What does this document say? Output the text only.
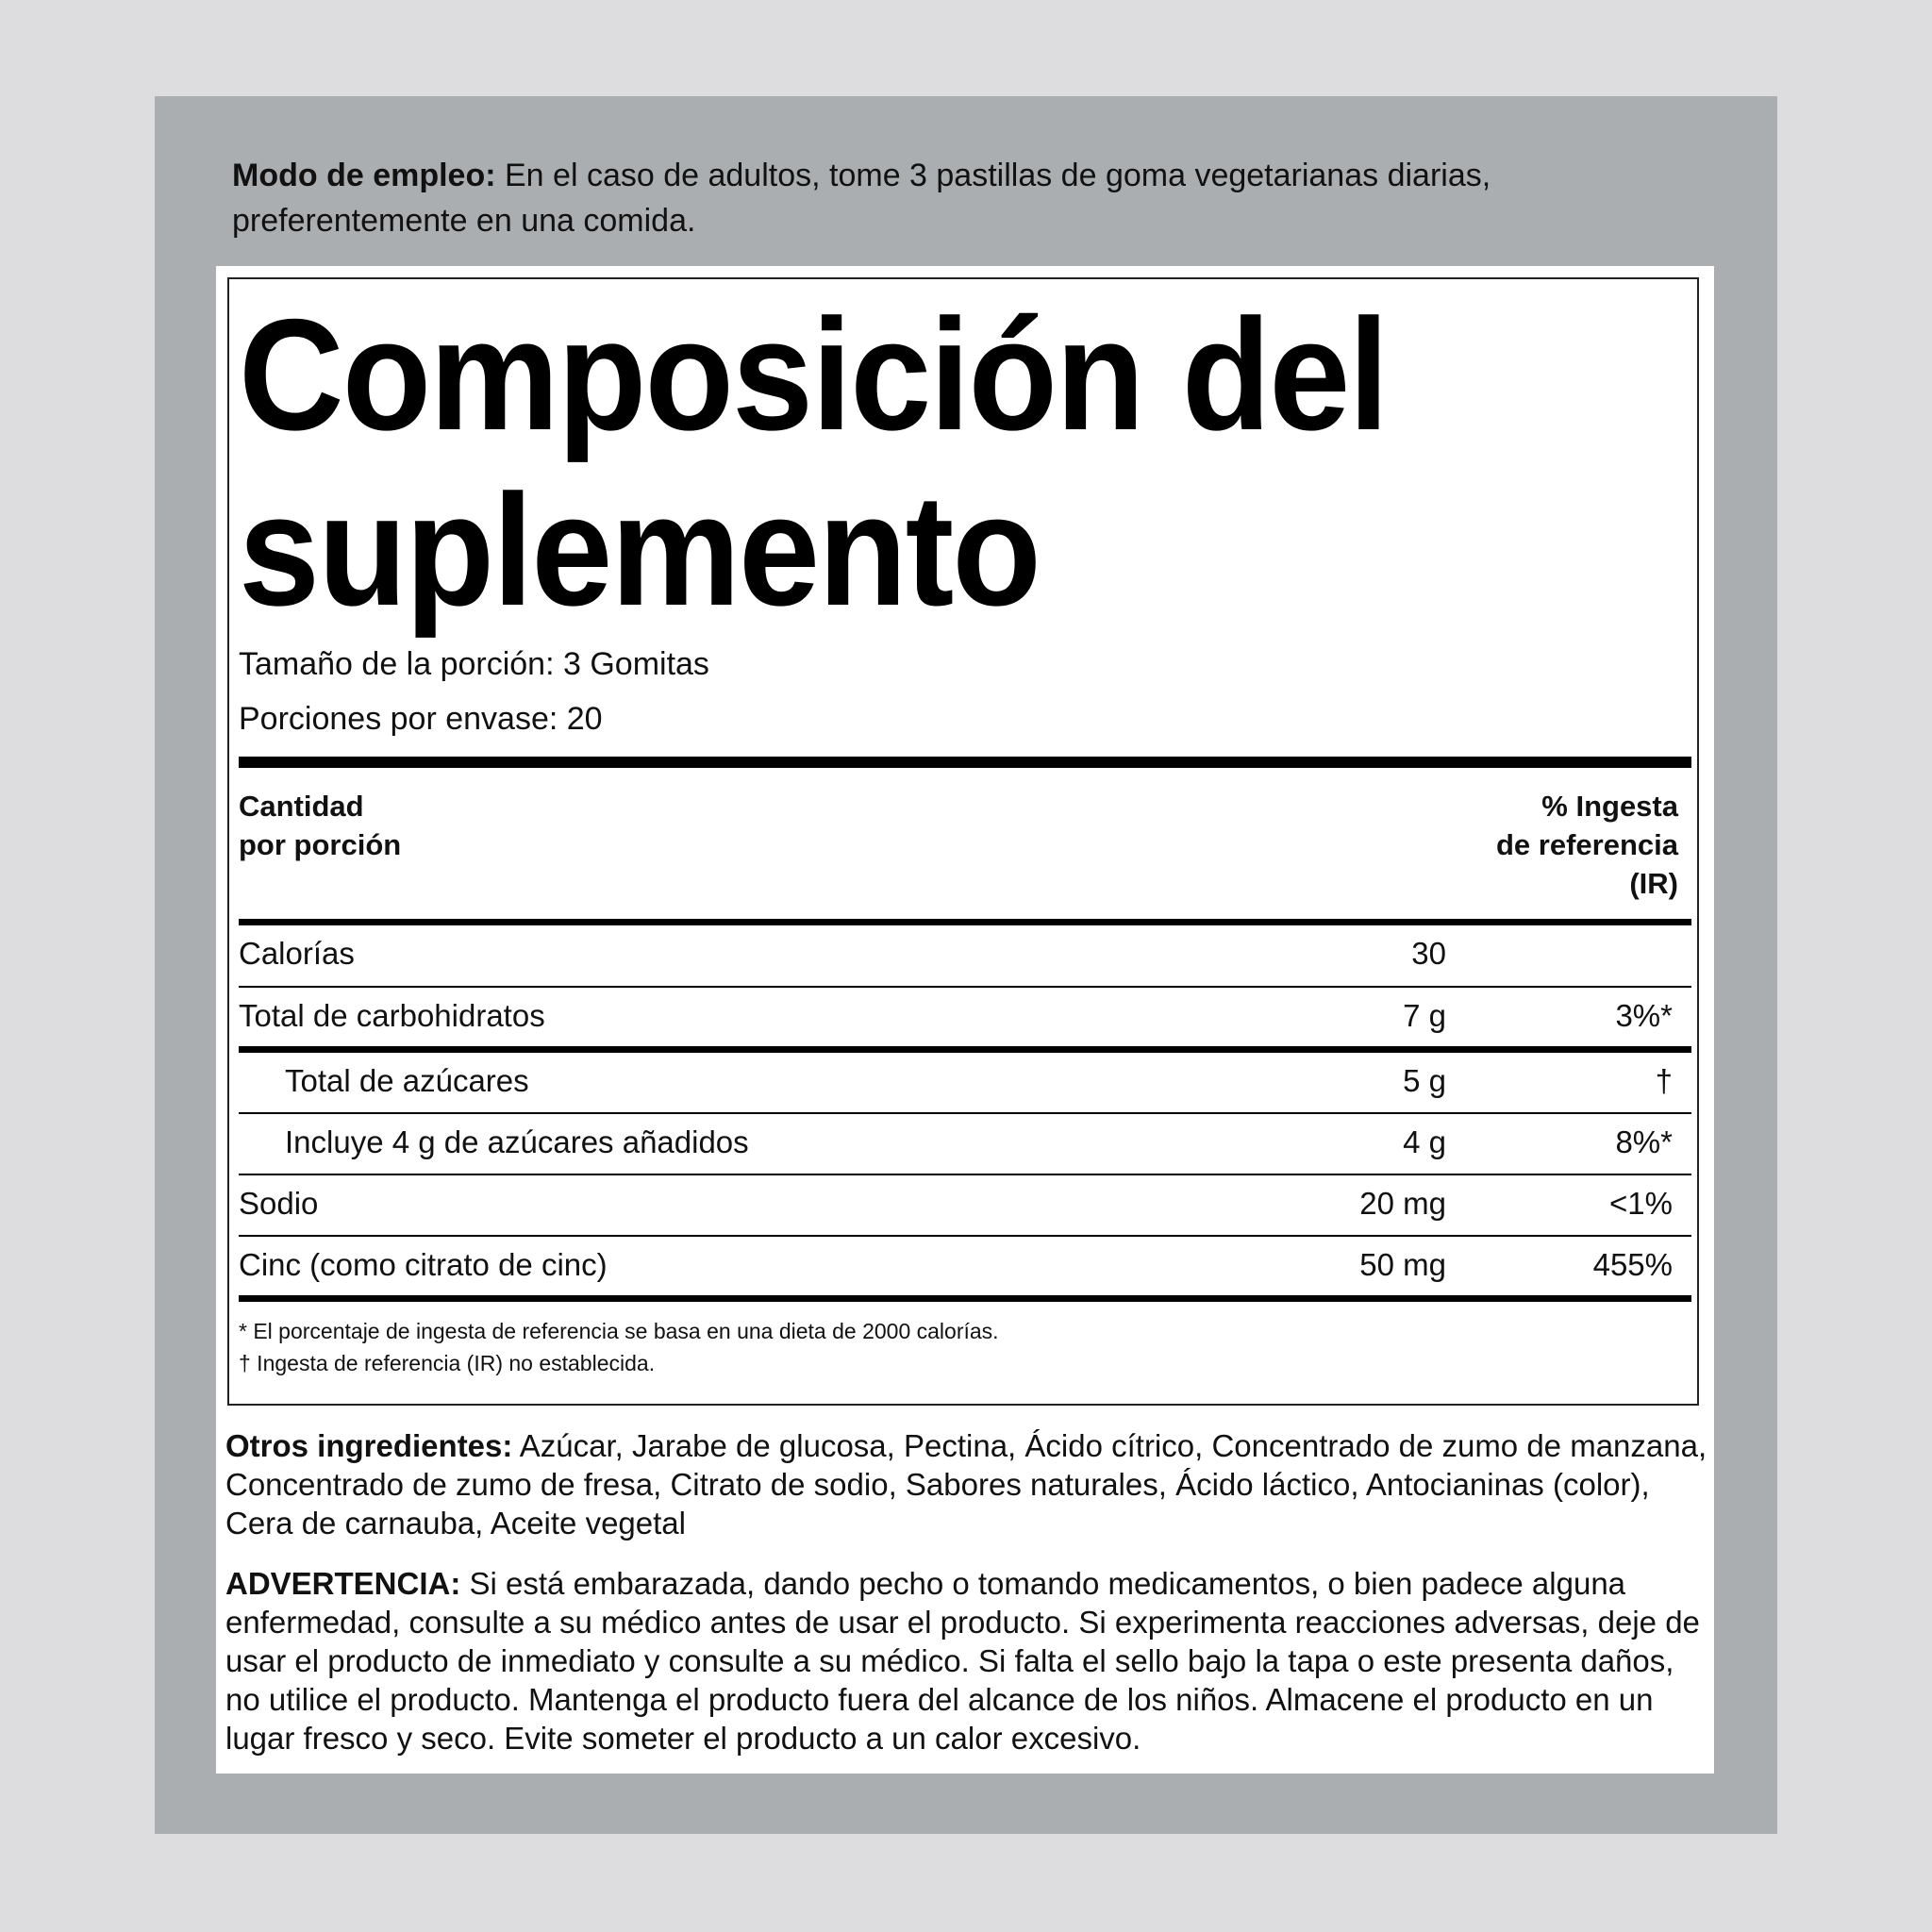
Modo de empleo: En el caso de adultos, tome 3 pastillas de goma vegetarianas diarias, preferentemente en una comida.
Composición del
suplemento
Tamaño de la porción: 3 Gomitas
Porciones por envase: 20
Cantidad
por porción
% Ingesta
de referencia
(IR)
Calorías	30
Total de carbohidratos	7 g	3%*
Total de azúcares	5 g	†
Incluye 4 g de azúcares añadidos	4 g	8%*
Sodio	20 mg	<1%
Cinc (como citrato de cinc)	50 mg	455%
* El porcentaje de ingesta de referencia se basa en una dieta de 2000 calorías.
† Ingesta de referencia (IR) no establecida.
Otros ingredientes: Azúcar, Jarabe de glucosa, Pectina, Ácido cítrico, Concentrado de zumo de manzana, Concentrado de zumo de fresa, Citrato de sodio, Sabores naturales, Ácido láctico, Antocianinas (color), Cera de carnauba, Aceite vegetal
ADVERTENCIA: Si está embarazada, dando pecho o tomando medicamentos, o bien padece alguna enfermedad, consulte a su médico antes de usar el producto. Si experimenta reacciones adversas, deje de usar el producto de inmediato y consulte a su médico. Si falta el sello bajo la tapa o este presenta daños, no utilice el producto. Mantenga el producto fuera del alcance de los niños. Almacene el producto en un lugar fresco y seco. Evite someter el producto a un calor excesivo.
